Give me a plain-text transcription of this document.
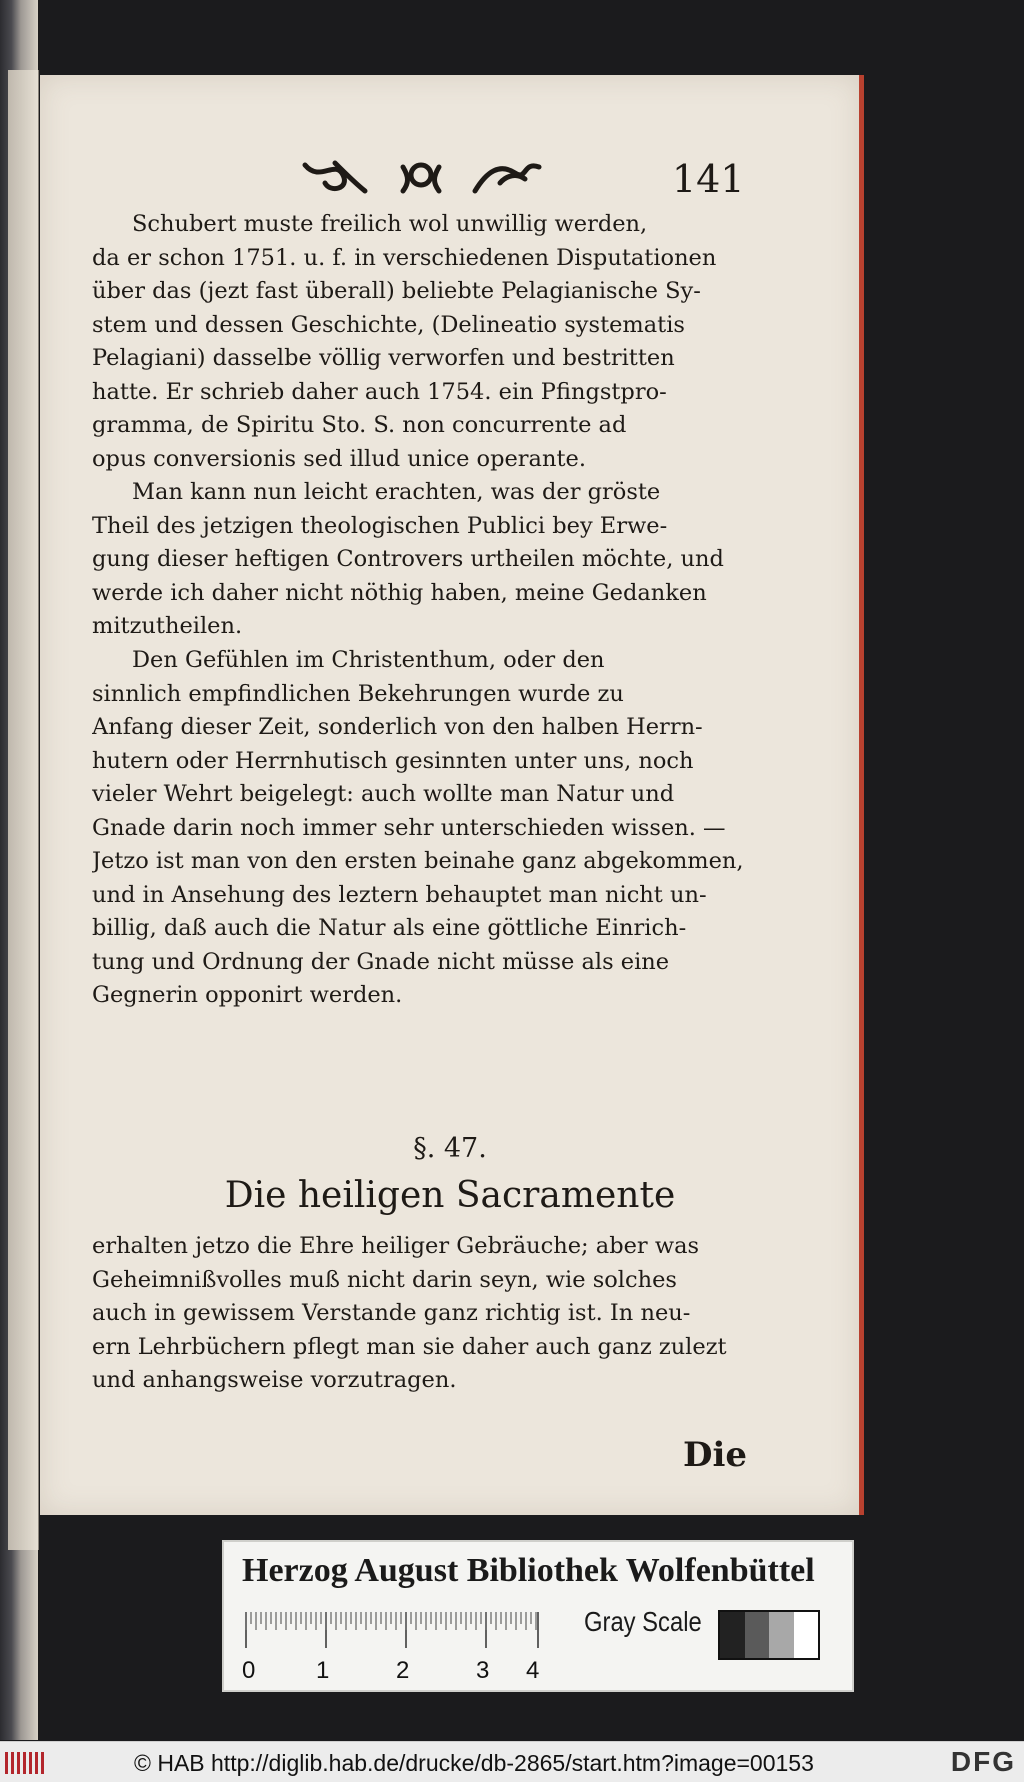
141
Schubert muste freilich wol unwillig werden,
da er schon 1751. u. f. in verschiedenen Disputationen
über das (jezt fast überall) beliebte Pelagianische Sy-
stem und dessen Geschichte, (Delineatio systematis
Pelagiani) dasselbe völlig verworfen und bestritten
hatte. Er schrieb daher auch 1754. ein Pfingstpro-
gramma, de Spiritu Sto. S. non concurrente ad
opus conversionis sed illud unice operante.
Man kann nun leicht erachten, was der gröste
Theil des jetzigen theologischen Publici bey Erwe-
gung dieser heftigen Controvers urtheilen möchte, und
werde ich daher nicht nöthig haben, meine Gedanken
mitzutheilen.
Den Gefühlen im Christenthum, oder den
sinnlich empfindlichen Bekehrungen wurde zu
Anfang dieser Zeit, sonderlich von den halben Herrn-
hutern oder Herrnhutisch gesinnten unter uns, noch
vieler Wehrt beigelegt: auch wollte man Natur und
Gnade darin noch immer sehr unterschieden wissen. —
Jetzo ist man von den ersten beinahe ganz abgekommen,
und in Ansehung des leztern behauptet man nicht un-
billig, daß auch die Natur als eine göttliche Einrich-
tung und Ordnung der Gnade nicht müsse als eine
Gegnerin opponirt werden.
§. 47.
Die heiligen Sacramente
erhalten jetzo die Ehre heiliger Gebräuche; aber was
Geheimnißvolles muß nicht darin seyn, wie solches
auch in gewissem Verstande ganz richtig ist. In neu-
ern Lehrbüchern pflegt man sie daher auch ganz zulezt
und anhangsweise vorzutragen.
Die
Herzog August Bibliothek Wolfenbüttel
0	1	2	3 4
Gray Scale
© HAB http://diglib.hab.de/drucke/db-2865/start.htm?image=00153	DFG
